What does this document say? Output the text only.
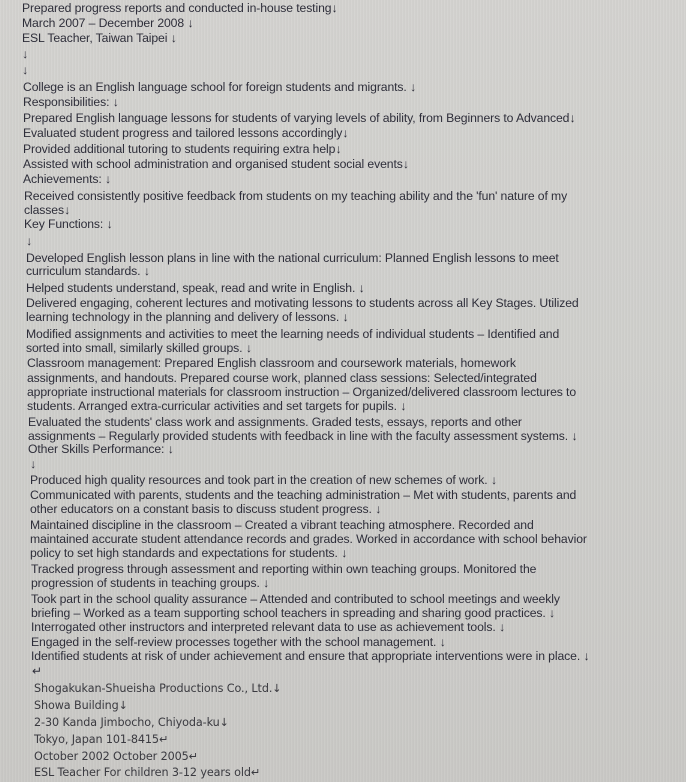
Prepared progress reports and conducted in-house testing↓
March 2007 – December 2008 ↓
ESL Teacher, Taiwan Taipei ↓
↓
↓
College is an English language school for foreign students and migrants. ↓
Responsibilities: ↓
Prepared English language lessons for students of varying levels of ability, from Beginners to Advanced↓
Evaluated student progress and tailored lessons accordingly↓
Provided additional tutoring to students requiring extra help↓
Assisted with school administration and organised student social events↓
Achievements: ↓
Received consistently positive feedback from students on my teaching ability and the 'fun' nature of my
classes↓
Key Functions: ↓
↓
Developed English lesson plans in line with the national curriculum: Planned English lessons to meet
curriculum standards. ↓
Helped students understand, speak, read and write in English. ↓
Delivered engaging, coherent lectures and motivating lessons to students across all Key Stages. Utilized
learning technology in the planning and delivery of lessons. ↓
Modified assignments and activities to meet the learning needs of individual students – Identified and
sorted into small, similarly skilled groups. ↓
Classroom management: Prepared English classroom and coursework materials, homework
assignments, and handouts. Prepared course work, planned class sessions: Selected/integrated
appropriate instructional materials for classroom instruction – Organized/delivered classroom lectures to
students. Arranged extra-curricular activities and set targets for pupils. ↓
Evaluated the students' class work and assignments. Graded tests, essays, reports and other
assignments – Regularly provided students with feedback in line with the faculty assessment systems. ↓
Other Skills Performance: ↓
↓
Produced high quality resources and took part in the creation of new schemes of work. ↓
Communicated with parents, students and the teaching administration – Met with students, parents and
other educators on a constant basis to discuss student progress. ↓
Maintained discipline in the classroom – Created a vibrant teaching atmosphere. Recorded and
maintained accurate student attendance records and grades. Worked in accordance with school behavior
policy to set high standards and expectations for students. ↓
Tracked progress through assessment and reporting within own teaching groups. Monitored the
progression of students in teaching groups. ↓
Took part in the school quality assurance – Attended and contributed to school meetings and weekly
briefing – Worked as a team supporting school teachers in spreading and sharing good practices. ↓
Interrogated other instructors and interpreted relevant data to use as achievement tools. ↓
Engaged in the self-review processes together with the school management. ↓
Identified students at risk of under achievement and ensure that appropriate interventions were in place. ↓
↵
Shogakukan-Shueisha Productions Co., Ltd.↓
Showa Building↓
2-30 Kanda Jimbocho, Chiyoda-ku↓
Tokyo, Japan 101-8415↵
October 2002 October 2005↵
ESL Teacher For children 3-12 years old↵
